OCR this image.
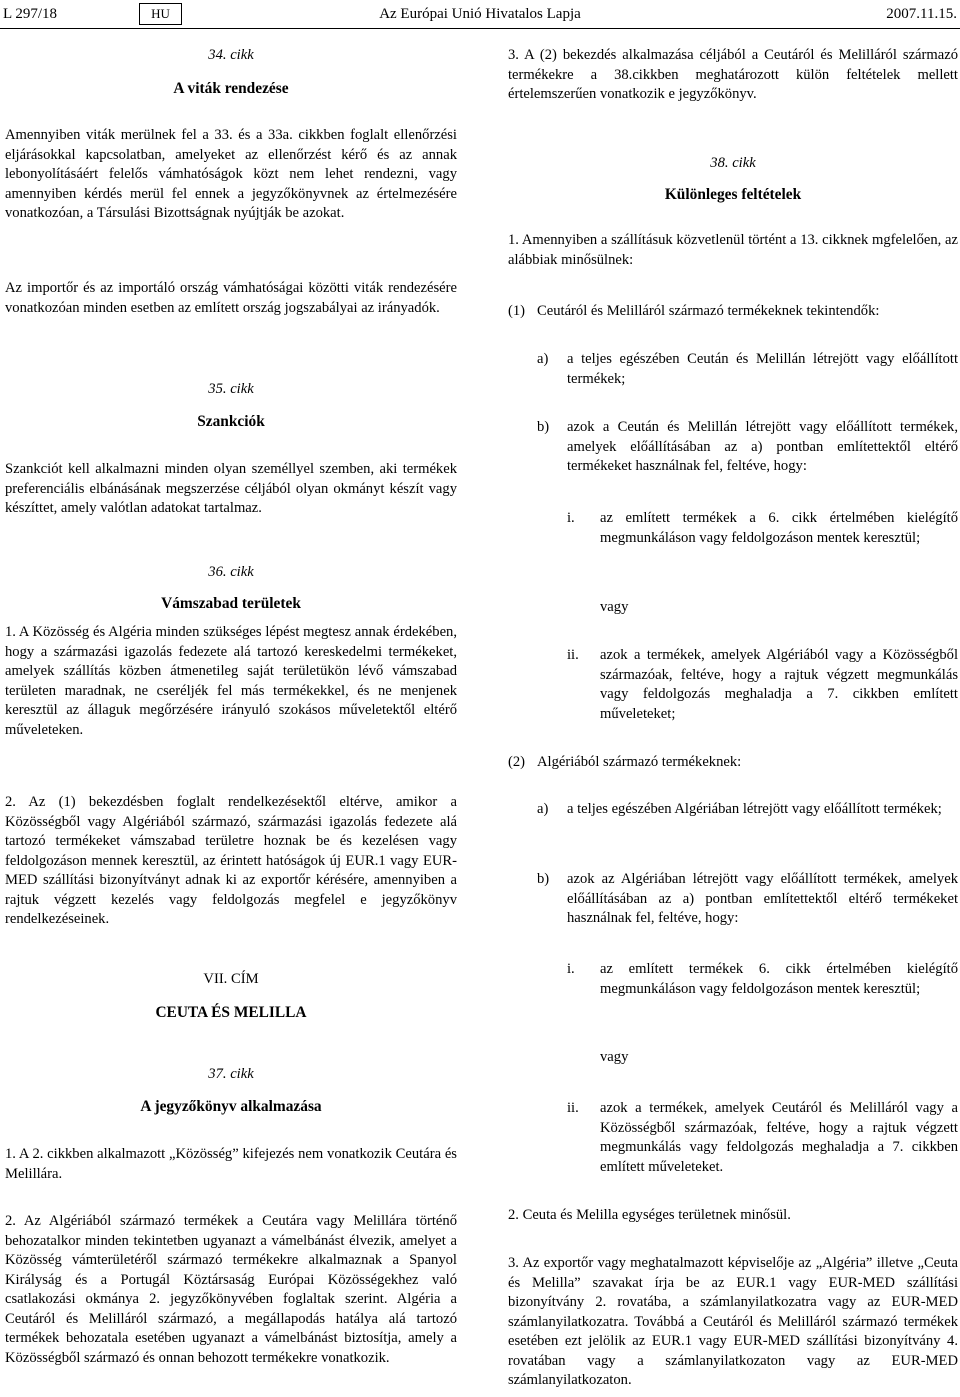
L 297/18	Az Európai Unió Hivatalos Lapja
HU	2007.11.15.
34. cikk
A viták rendezése
Amennyiben viták merülnek fel a 33. és a 33a. cikkben foglalt ellenőrzési eljárásokkal kapcsolatban, amelyeket az ellenőrzést kérő és az annak lebonyolításáért felelős vámhatóságok közt nem lehet rendezni, vagy amennyiben kérdés merül fel ennek a jegyzőkönyvnek az értelmezésére vonatkozóan, a Társulási Bizottságnak nyújtják be azokat.
Az importőr és az importáló ország vámhatóságai közötti viták rendezésére vonatkozóan minden esetben az említett ország jogszabályai az irányadók.
35. cikk
Szankciók
Szankciót kell alkalmazni minden olyan személlyel szemben, aki termékek preferenciális elbánásának megszerzése céljából olyan okmányt készít vagy készíttet, amely valótlan adatokat tartalmaz.
36. cikk
Vámszabad területek
1. A Közösség és Algéria minden szükséges lépést megtesz annak érdekében, hogy a származási igazolás fedezete alá tartozó kereskedelmi termékeket, amelyek szállítás közben átmenetileg saját területükön lévő vámszabad területen maradnak, ne cseréljék fel más termékekkel, és ne menjenek keresztül az állaguk megőrzésére irányuló szokásos műveletektől eltérő műveleteken.
2. Az (1) bekezdésben foglalt rendelkezésektől eltérve, amikor a Közösségből vagy Algériából származó, származási igazolás fedezete alá tartozó termékeket vámszabad területre hoznak be és kezelésen vagy feldolgozáson mennek keresztül, az érintett hatóságok új EUR.1 vagy EUR-MED szállítási bizonyítványt adnak ki az exportőr kérésére, amennyiben a rajtuk végzett kezelés vagy feldolgozás megfelel e jegyzőkönyv rendelkezéseinek.
VII. CÍM
CEUTA ÉS MELILLA
37. cikk
A jegyzőkönyv alkalmazása
1. A 2. cikkben alkalmazott „Közösség” kifejezés nem vonatkozik Ceutára és Melillára.
2. Az Algériából származó termékek a Ceutára vagy Melillára történő behozatalkor minden tekintetben ugyanazt a vámelbánást élvezik, amelyet a Közösség vámterületéről származó termékekre alkalmaznak a Spanyol Királyság és a Portugál Köztársaság Európai Közösségekhez való csatlakozási okmánya 2. jegyzőkönyvében foglaltak szerint. Algéria a Ceutáról és Melilláról származó, a megállapodás hatálya alá tartozó termékek behozatala esetében ugyanazt a vámelbánást biztosítja, amely a Közösségből származó és onnan behozott termékekre vonatkozik.
3. A (2) bekezdés alkalmazása céljából a Ceutáról és Melilláról származó termékekre a 38.cikkben meghatározott külön feltételek mellett értelemszerűen vonatkozik e jegyzőkönyv.
38. cikk
Különleges feltételek
1. Amennyiben a szállításuk közvetlenül történt a 13. cikknek mgfelelően, az alábbiak minősülnek:
(1) Ceutáról és Melilláról származó termékeknek tekintendők:
a) a teljes egészében Ceután és Melillán létrejött vagy előállított termékek;
b) azok a Ceután és Melillán létrejött vagy előállított termékek, amelyek előállításában az a) pontban említettektől eltérő termékeket használnak fel, feltéve, hogy:
i. az említett termékek a 6. cikk értelmében kielégítő megmunkáláson vagy feldolgozáson mentek keresztül;
vagy
ii. azok a termékek, amelyek Algériából vagy a Közösségből származóak, feltéve, hogy a rajtuk végzett megmunkálás vagy feldolgozás meghaladja a 7. cikkben említett műveleteket;
(2) Algériából származó termékeknek:
a) a teljes egészében Algériában létrejött vagy előállított termékek;
b) azok az Algériában létrejött vagy előállított termékek, amelyek előállításában az a) pontban említettektől eltérő termékeket használnak fel, feltéve, hogy:
i. az említett termékek 6. cikk értelmében kielégítő megmunkáláson vagy feldolgozáson mentek keresztül;
vagy
ii. azok a termékek, amelyek Ceutáról és Melilláról vagy a Közösségből származóak, feltéve, hogy a rajtuk végzett megmunkálás vagy feldolgozás meghaladja a 7. cikkben említett műveleteket.
2. Ceuta és Melilla egységes területnek minősül.
3. Az exportőr vagy meghatalmazott képviselője az „Algéria” illetve „Ceuta és Melilla” szavakat írja be az EUR.1 vagy EUR-MED szállítási bizonyítvány 2. rovatába, a számlanyilatkozatra vagy az EUR-MED számlanyilatkozatra. Továbbá a Ceutáról és Melilláról származó termékek esetében ezt jelölik az EUR.1 vagy EUR-MED szállítási bizonyítvány 4. rovatában vagy a számlanyilatkozaton vagy az EUR-MED számlanyilatkozaton.
